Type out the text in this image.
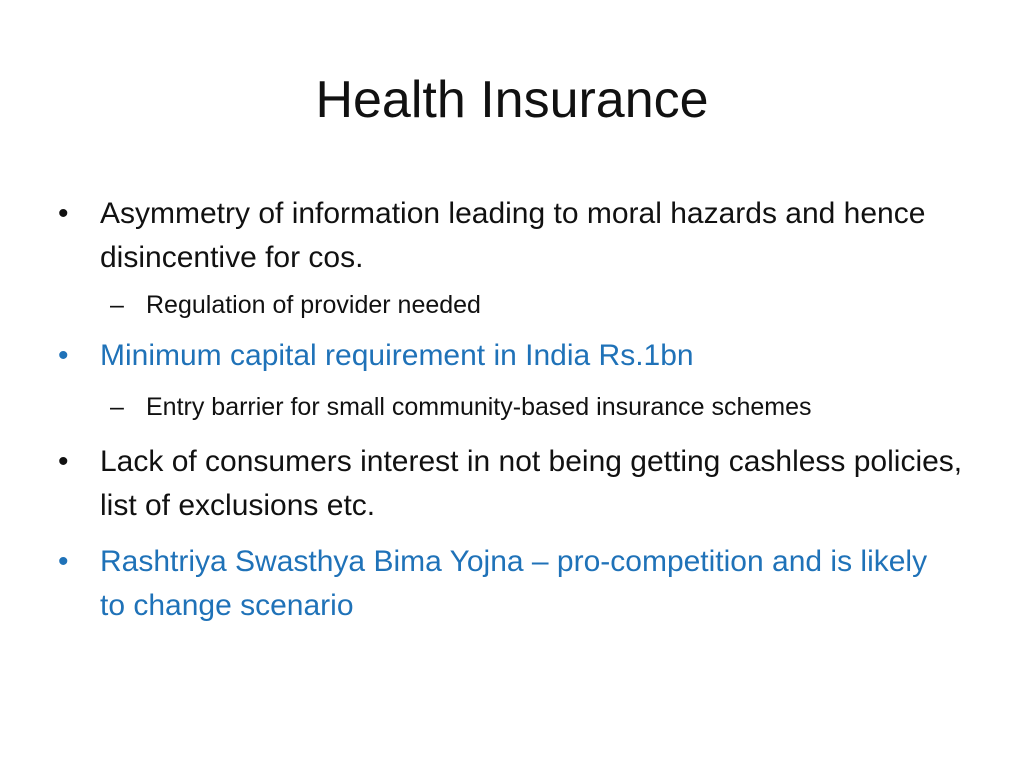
Health Insurance
•	Asymmetry of information leading to moral hazards and hence disincentive for cos.
– Regulation of provider needed
•	Minimum capital requirement in India Rs.1bn
– Entry barrier for small community-based insurance schemes
•	Lack of consumers interest in not being getting cashless policies, list of exclusions etc.
•	Rashtriya Swasthya Bima Yojna – pro-competition and is likely to change scenario
